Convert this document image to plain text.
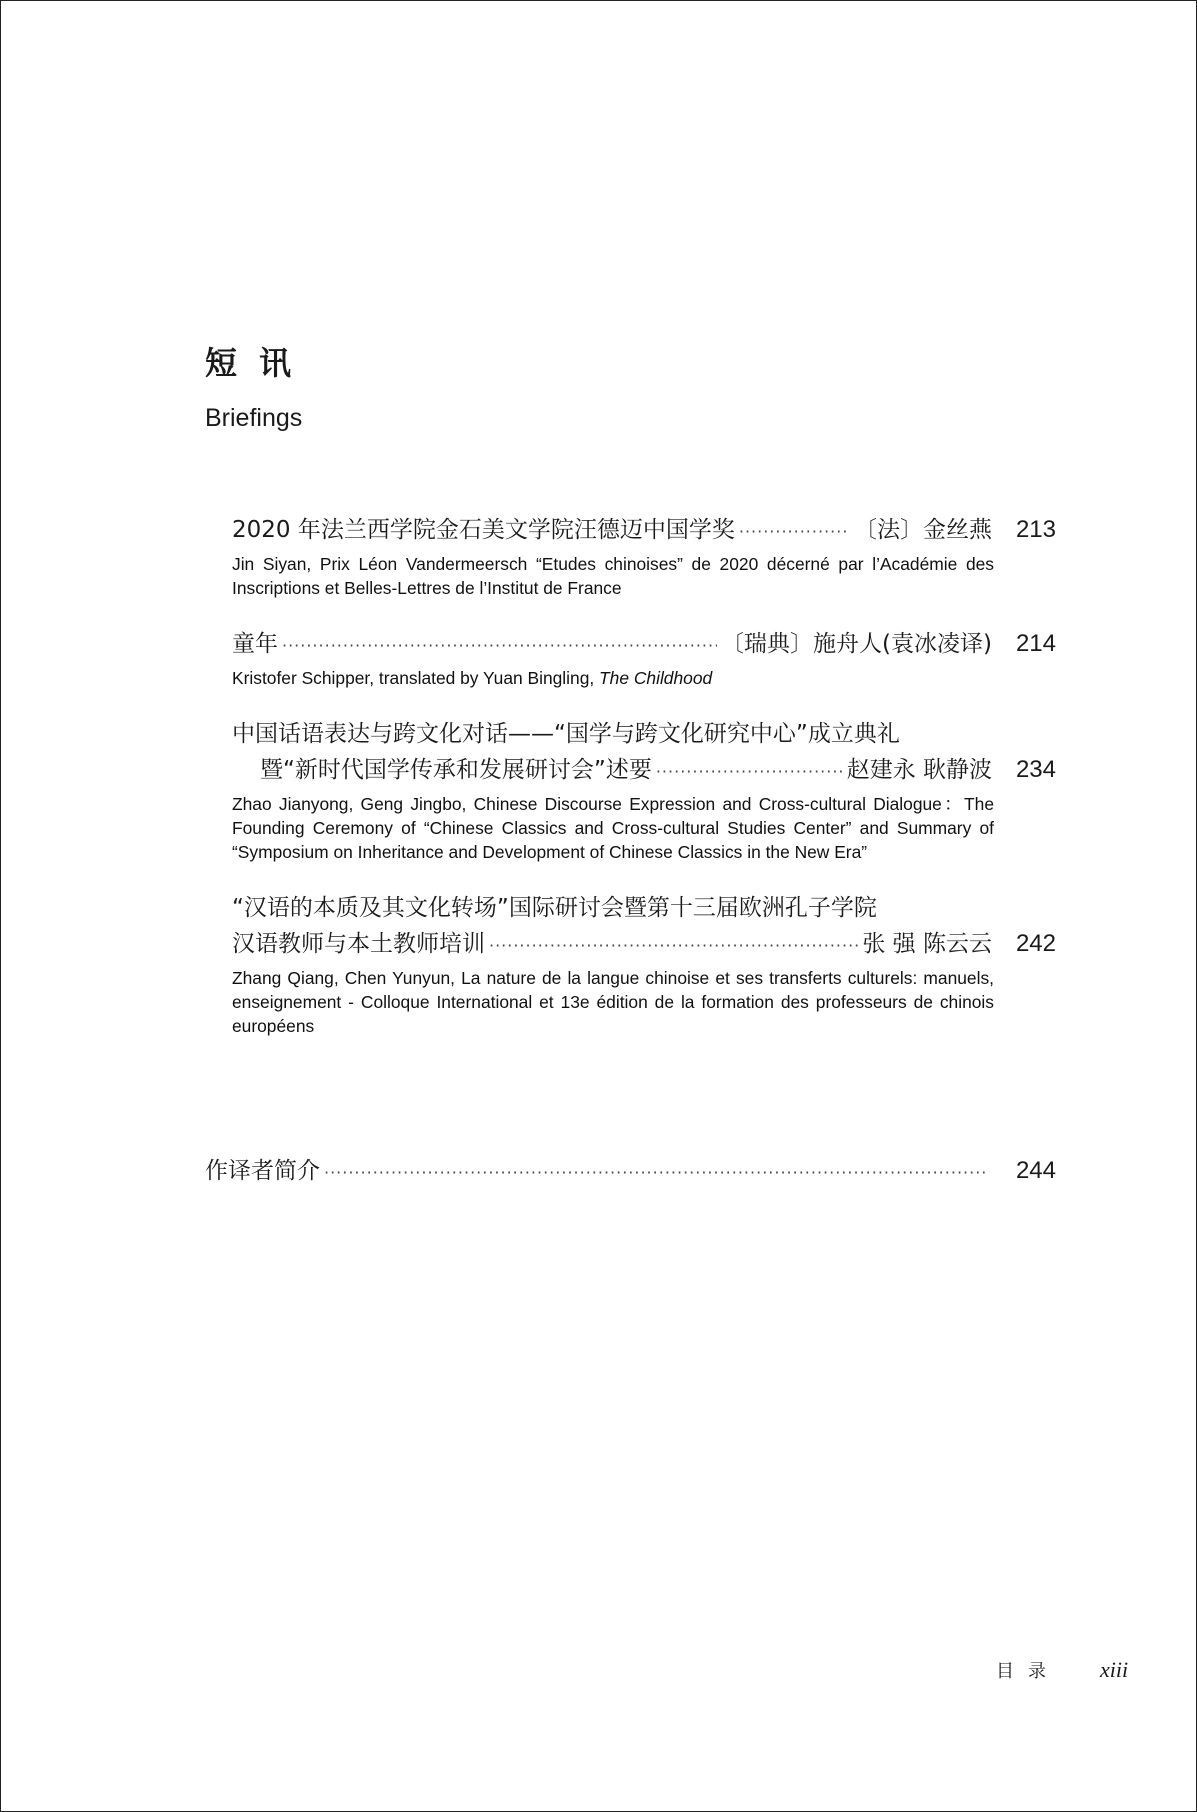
短讯
Briefings
2020 年法兰西学院金石美文学院汪德迈中国学奖 ·····	〔法〕金丝燕 213
Jin Siyan, Prix Léon Vandermeersch “Etudes chinoises” de 2020 décerné par l’Académie des Inscriptions et Belles-Lettres de l’Institut de France
童年 ·····	〔瑞典〕施舟人(袁冰凌译) 214
Kristofer Schipper, translated by Yuan Bingling, The Childhood
中国话语表达与跨文化对话——“国学与跨文化研究中心”成立典礼
暨“新时代国学传承和发展研讨会”述要 ·····	赵建永 耿静波 234
Zhao Jianyong, Geng Jingbo, Chinese Discourse Expression and Cross-cultural Dialogue：The Founding Ceremony of “Chinese Classics and Cross-cultural Studies Center” and Summary of “Symposium on Inheritance and Development of Chinese Classics in the New Era”
“汉语的本质及其文化转场”国际研讨会暨第十三届欧洲孔子学院
汉语教师与本土教师培训 ·····	张 强 陈云云 242
Zhang Qiang, Chen Yunyun, La nature de la langue chinoise et ses transferts culturels: manuels, enseignement - Colloque International et 13e édition de la formation des professeurs de chinois européens
作译者简介 ·····	244
目录 xiii
